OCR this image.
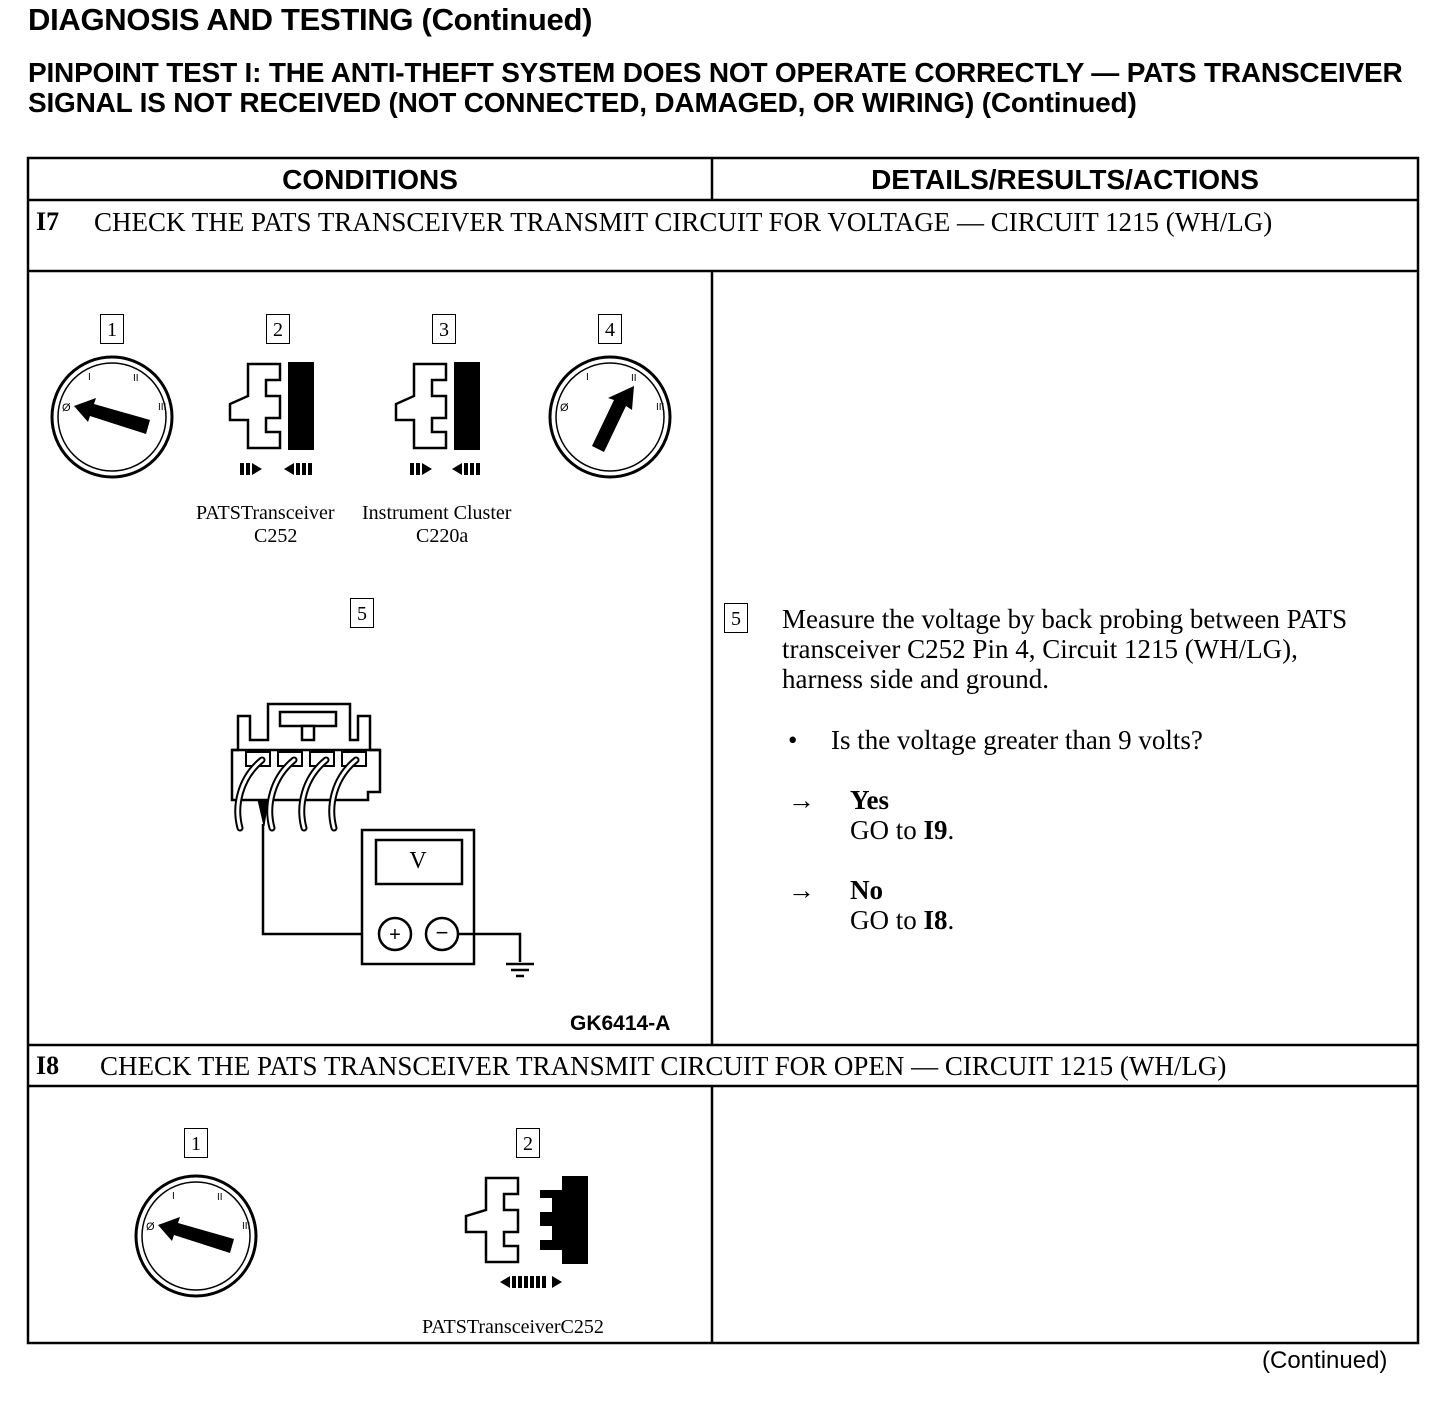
DIAGNOSIS AND TESTING (Continued)
PINPOINT TEST I: THE ANTI-THEFT SYSTEM DOES NOT OPERATE CORRECTLY — PATS TRANSCEIVER SIGNAL IS NOT RECEIVED (NOT CONNECTED, DAMAGED, OR WIRING) (Continued)
Ø
I	II
III	Ø
I	II
III
V
+ −
Ø
I	II
III
CONDITIONS	DETAILS/RESULTS/ACTIONS
I7 CHECK THE PATS TRANSCEIVER TRANSMIT CIRCUIT FOR VOLTAGE — CIRCUIT 1215 (WH/LG)
1	2	3	4
5
PATSTransceiver
C252
Instrument Cluster
C220a
GK6414-A
5 Measure the voltage by back probing between PATS transceiver C252 Pin 4, Circuit 1215 (WH/LG), harness side and ground.
• Is the voltage greater than 9 volts?
→ Yes
GO to I9.
→ No
GO to I8.
I8 CHECK THE PATS TRANSCEIVER TRANSMIT CIRCUIT FOR OPEN — CIRCUIT 1215 (WH/LG)
1	2
PATSTransceiverC252
(Continued)
